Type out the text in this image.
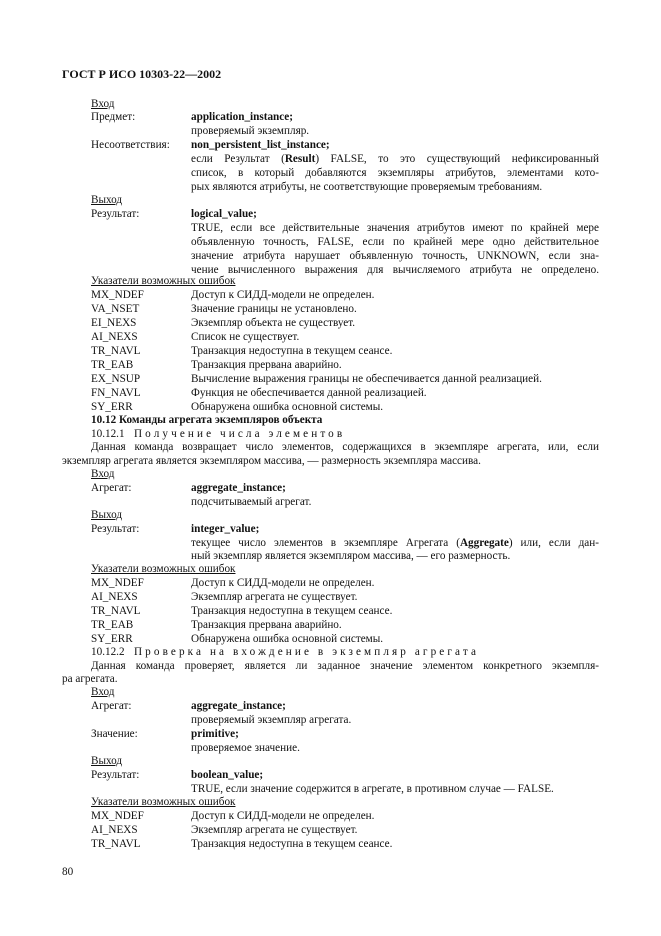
ГОСТ Р ИСО 10303-22—2002
Вход
Предмет:	application_instance;
проверяемый экземпляр.
Несоответствия: non_persistent_list_instance;
если Результат (Result) FALSE, то это существующий нефиксированный
список, в который добавляются экземпляры атрибутов, элементами кото-
рых являются атрибуты, не соответствующие проверяемым требованиям.
Выход
Результат:	logical_value;
TRUE, если все действительные значения атрибутов имеют по крайней мере
объявленную точность, FALSE, если по крайней мере одно действительное
значение атрибута нарушает объявленную точность, UNKNOWN, если зна-
чение вычисленного выражения для вычисляемого атрибута не определено.
Указатели возможных ошибок
MX_NDEF	Доступ к СИДД-модели не определен.
VA_NSET	Значение границы не установлено.
EI_NEXS	Экземпляр объекта не существует.
AI_NEXS	Список не существует.
TR_NAVL	Транзакция недоступна в текущем сеансе.
TR_EAB	Транзакция прервана аварийно.
EX_NSUP	Вычисление выражения границы не обеспечивается данной реализацией.
FN_NAVL	Функция не обеспечивается данной реализацией.
SY_ERR	Обнаружена ошибка основной системы.
10.12 Команды агрегата экземпляров объекта
10.12.1 Получение числа элементов
Данная команда возвращает число элементов, содержащихся в экземпляре агрегата, или, если
экземпляр агрегата является экземпляром массива, — размерность экземпляра массива.
Вход
Агрегат:	aggregate_instance;
подсчитываемый агрегат.
Выход
Результат:	integer_value;
текущее число элементов в экземпляре Агрегата (Aggregate) или, если дан-
ный экземпляр является экземпляром массива, — его размерность.
Указатели возможных ошибок
MX_NDEF	Доступ к СИДД-модели не определен.
AI_NEXS	Экземпляр агрегата не существует.
TR_NAVL	Транзакция недоступна в текущем сеансе.
TR_EAB	Транзакция прервана аварийно.
SY_ERR	Обнаружена ошибка основной системы.
10.12.2 Проверка на вхождение в экземпляр агрегата
Данная команда проверяет, является ли заданное значение элементом конкретного экземпля-
ра агрегата.
Вход
Агрегат:	aggregate_instance;
проверяемый экземпляр агрегата.
Значение:	primitive;
проверяемое значение.
Выход
Результат:	boolean_value;
TRUE, если значение содержится в агрегате, в противном случае — FALSE.
Указатели возможных ошибок
MX_NDEF	Доступ к СИДД-модели не определен.
AI_NEXS	Экземпляр агрегата не существует.
TR_NAVL	Транзакция недоступна в текущем сеансе.
80
